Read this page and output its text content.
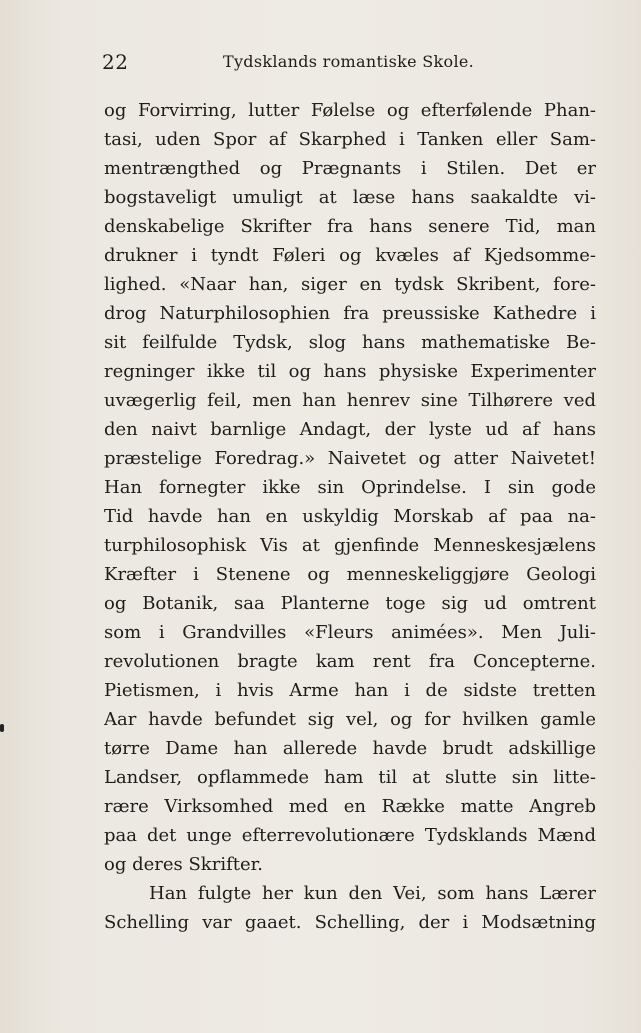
22	Tydsklands romantiske Skole.
og Forvirring, lutter Følelse og efterfølende Phan-
tasi, uden Spor af Skarphed i Tanken eller Sam-
mentrængthed og Prægnants i Stilen. Det er
bogstaveligt umuligt at læse hans saakaldte vi-
denskabelige Skrifter fra hans senere Tid, man
drukner i tyndt Føleri og kvæles af Kjedsomme-
lighed. «Naar han, siger en tydsk Skribent, fore-
drog Naturphilosophien fra preussiske Kathedre i
sit feilfulde Tydsk, slog hans mathematiske Be-
regninger ikke til og hans physiske Experimenter
uvægerlig feil, men han henrev sine Tilhørere ved
den naivt barnlige Andagt, der lyste ud af hans
præstelige Foredrag.» Naivetet og atter Naivetet!
Han fornegter ikke sin Oprindelse. I sin gode
Tid havde han en uskyldig Morskab af paa na-
turphilosophisk Vis at gjenfinde Menneskesjælens
Kræfter i Stenene og menneskeliggjøre Geologi
og Botanik, saa Planterne toge sig ud omtrent
som i Grandvilles «Fleurs animées». Men Juli-
revolutionen bragte kam rent fra Concepterne.
Pietismen, i hvis Arme han i de sidste tretten
Aar havde befundet sig vel, og for hvilken gamle
tørre Dame han allerede havde brudt adskillige
Landser, opflammede ham til at slutte sin litte-
rære Virksomhed med en Række matte Angreb
paa det unge efterrevolutionære Tydsklands Mænd
og deres Skrifter.
Han fulgte her kun den Vei, som hans Lærer
Schelling var gaaet. Schelling, der i Modsætning
